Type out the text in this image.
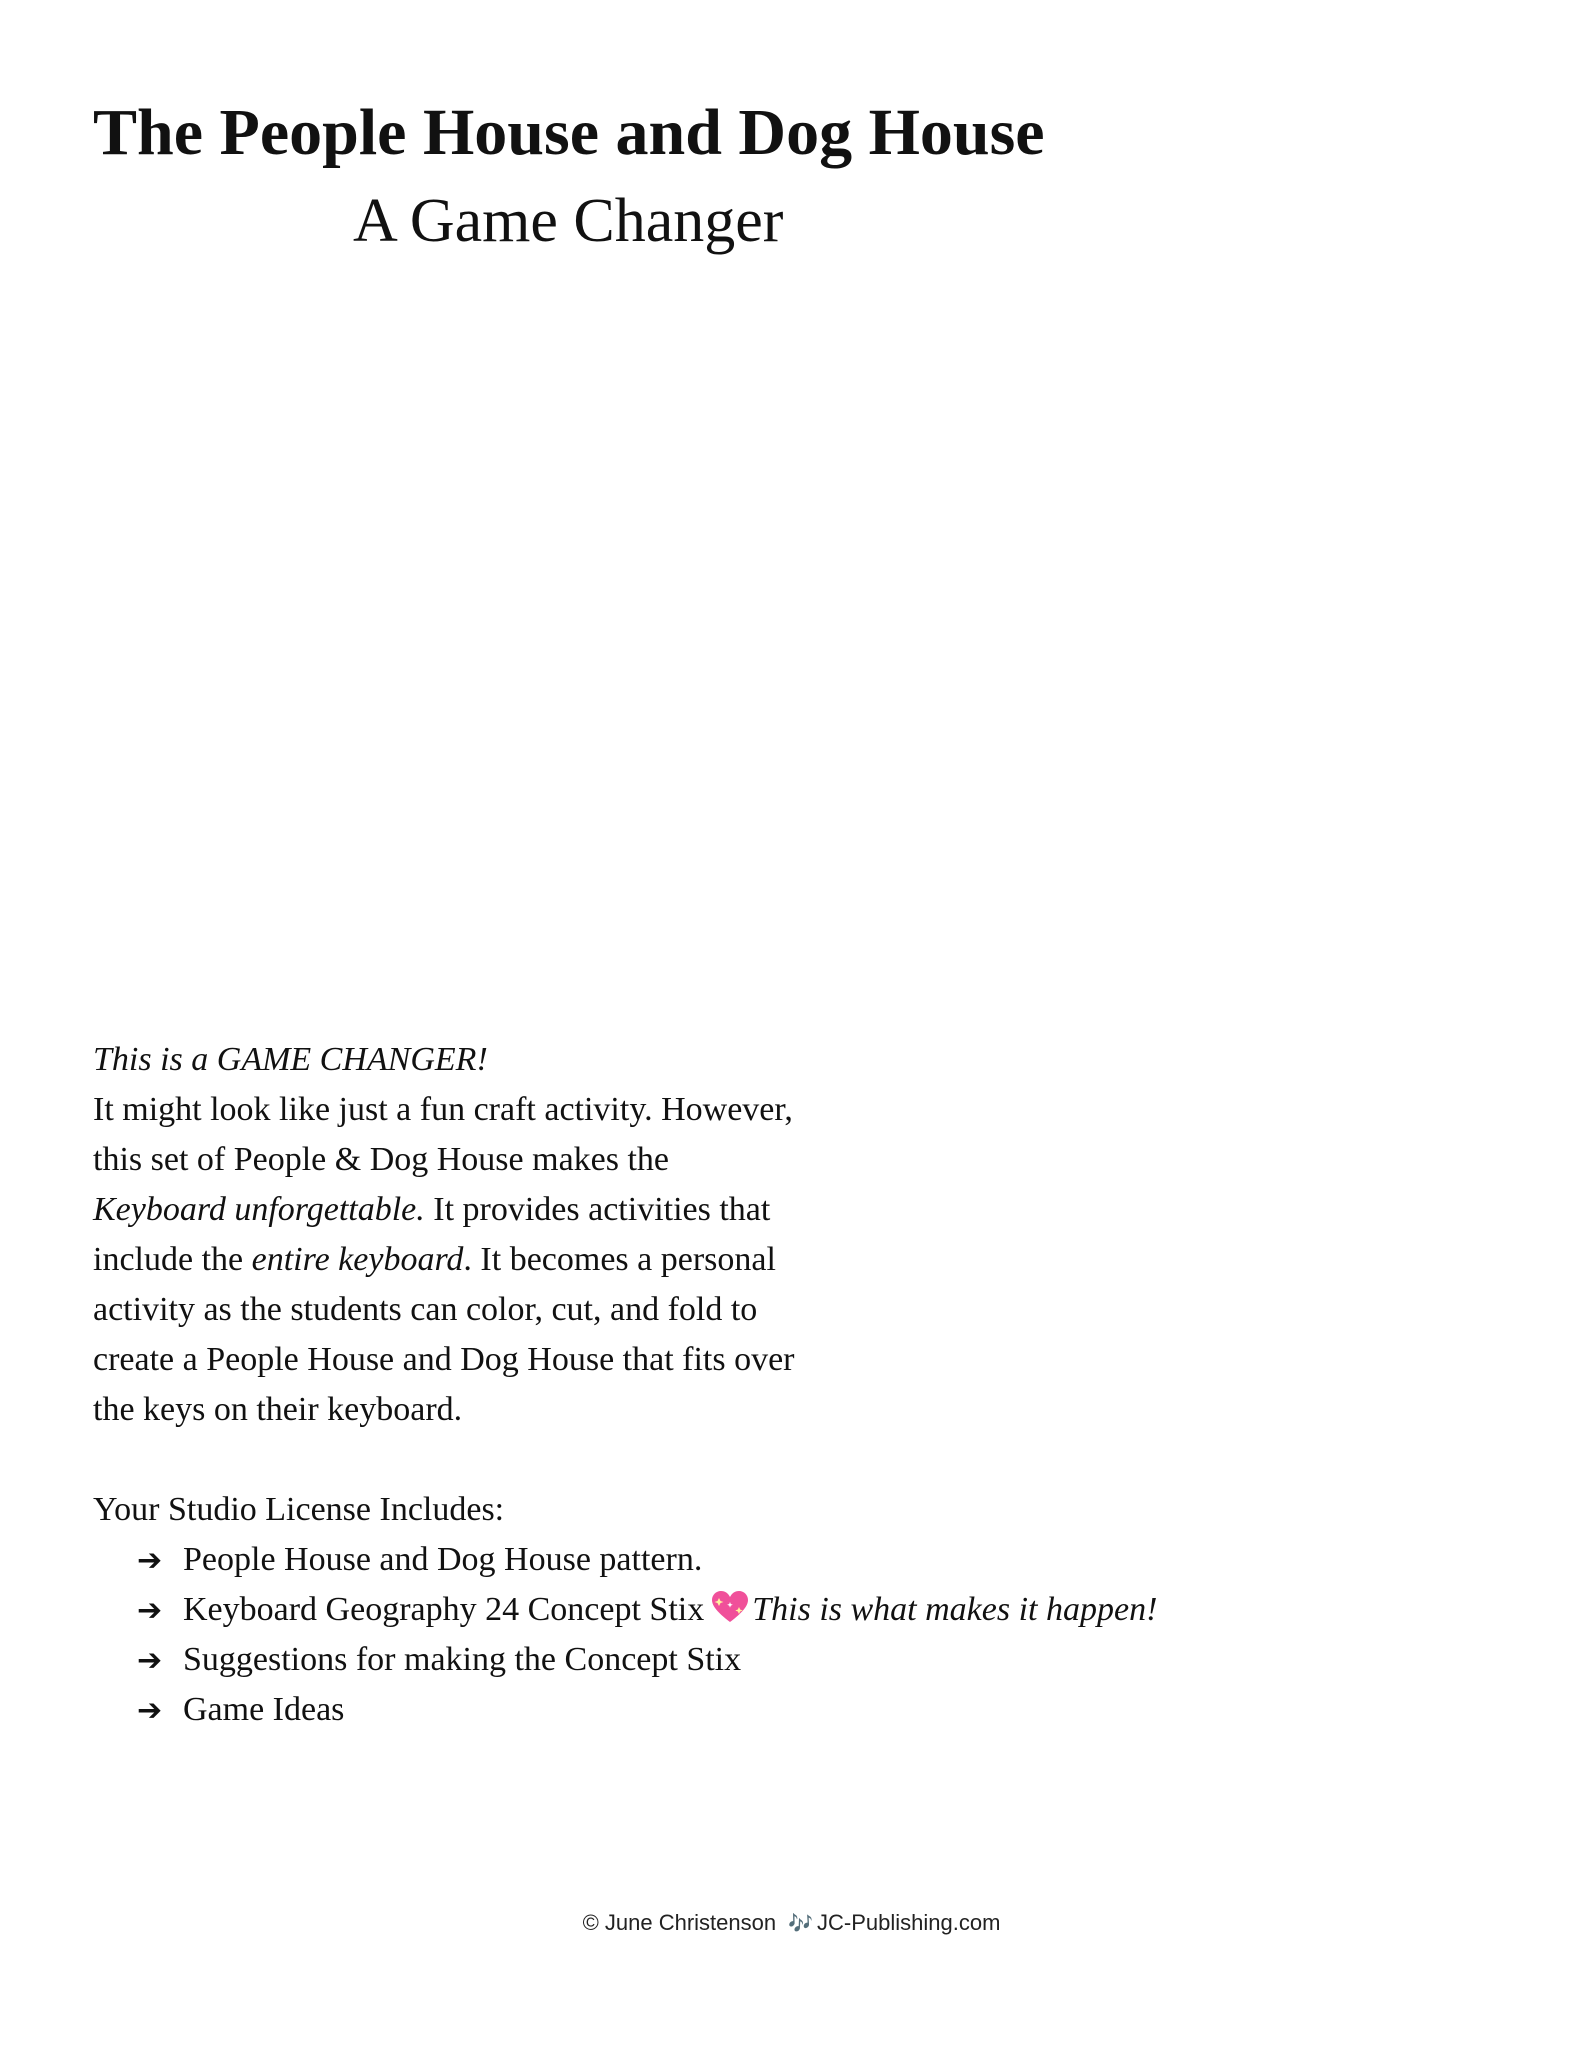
The People House and Dog House
A Game Changer
This is a GAME CHANGER!
It might look like just a fun craft activity. However,
this set of People & Dog House makes the
Keyboard unforgettable. It provides activities that
include the entire keyboard. It becomes a personal
activity as the students can color, cut, and fold to
create a People House and Dog House that fits over
the keys on their keyboard.
Your Studio License Includes:
➔ People House and Dog House pattern.
➔ Keyboard Geography 24 Concept Stix This is what makes it happen!
➔ Suggestions for making the Concept Stix
➔ Game Ideas
© June Christenson 🎶 JC-Publishing.com
